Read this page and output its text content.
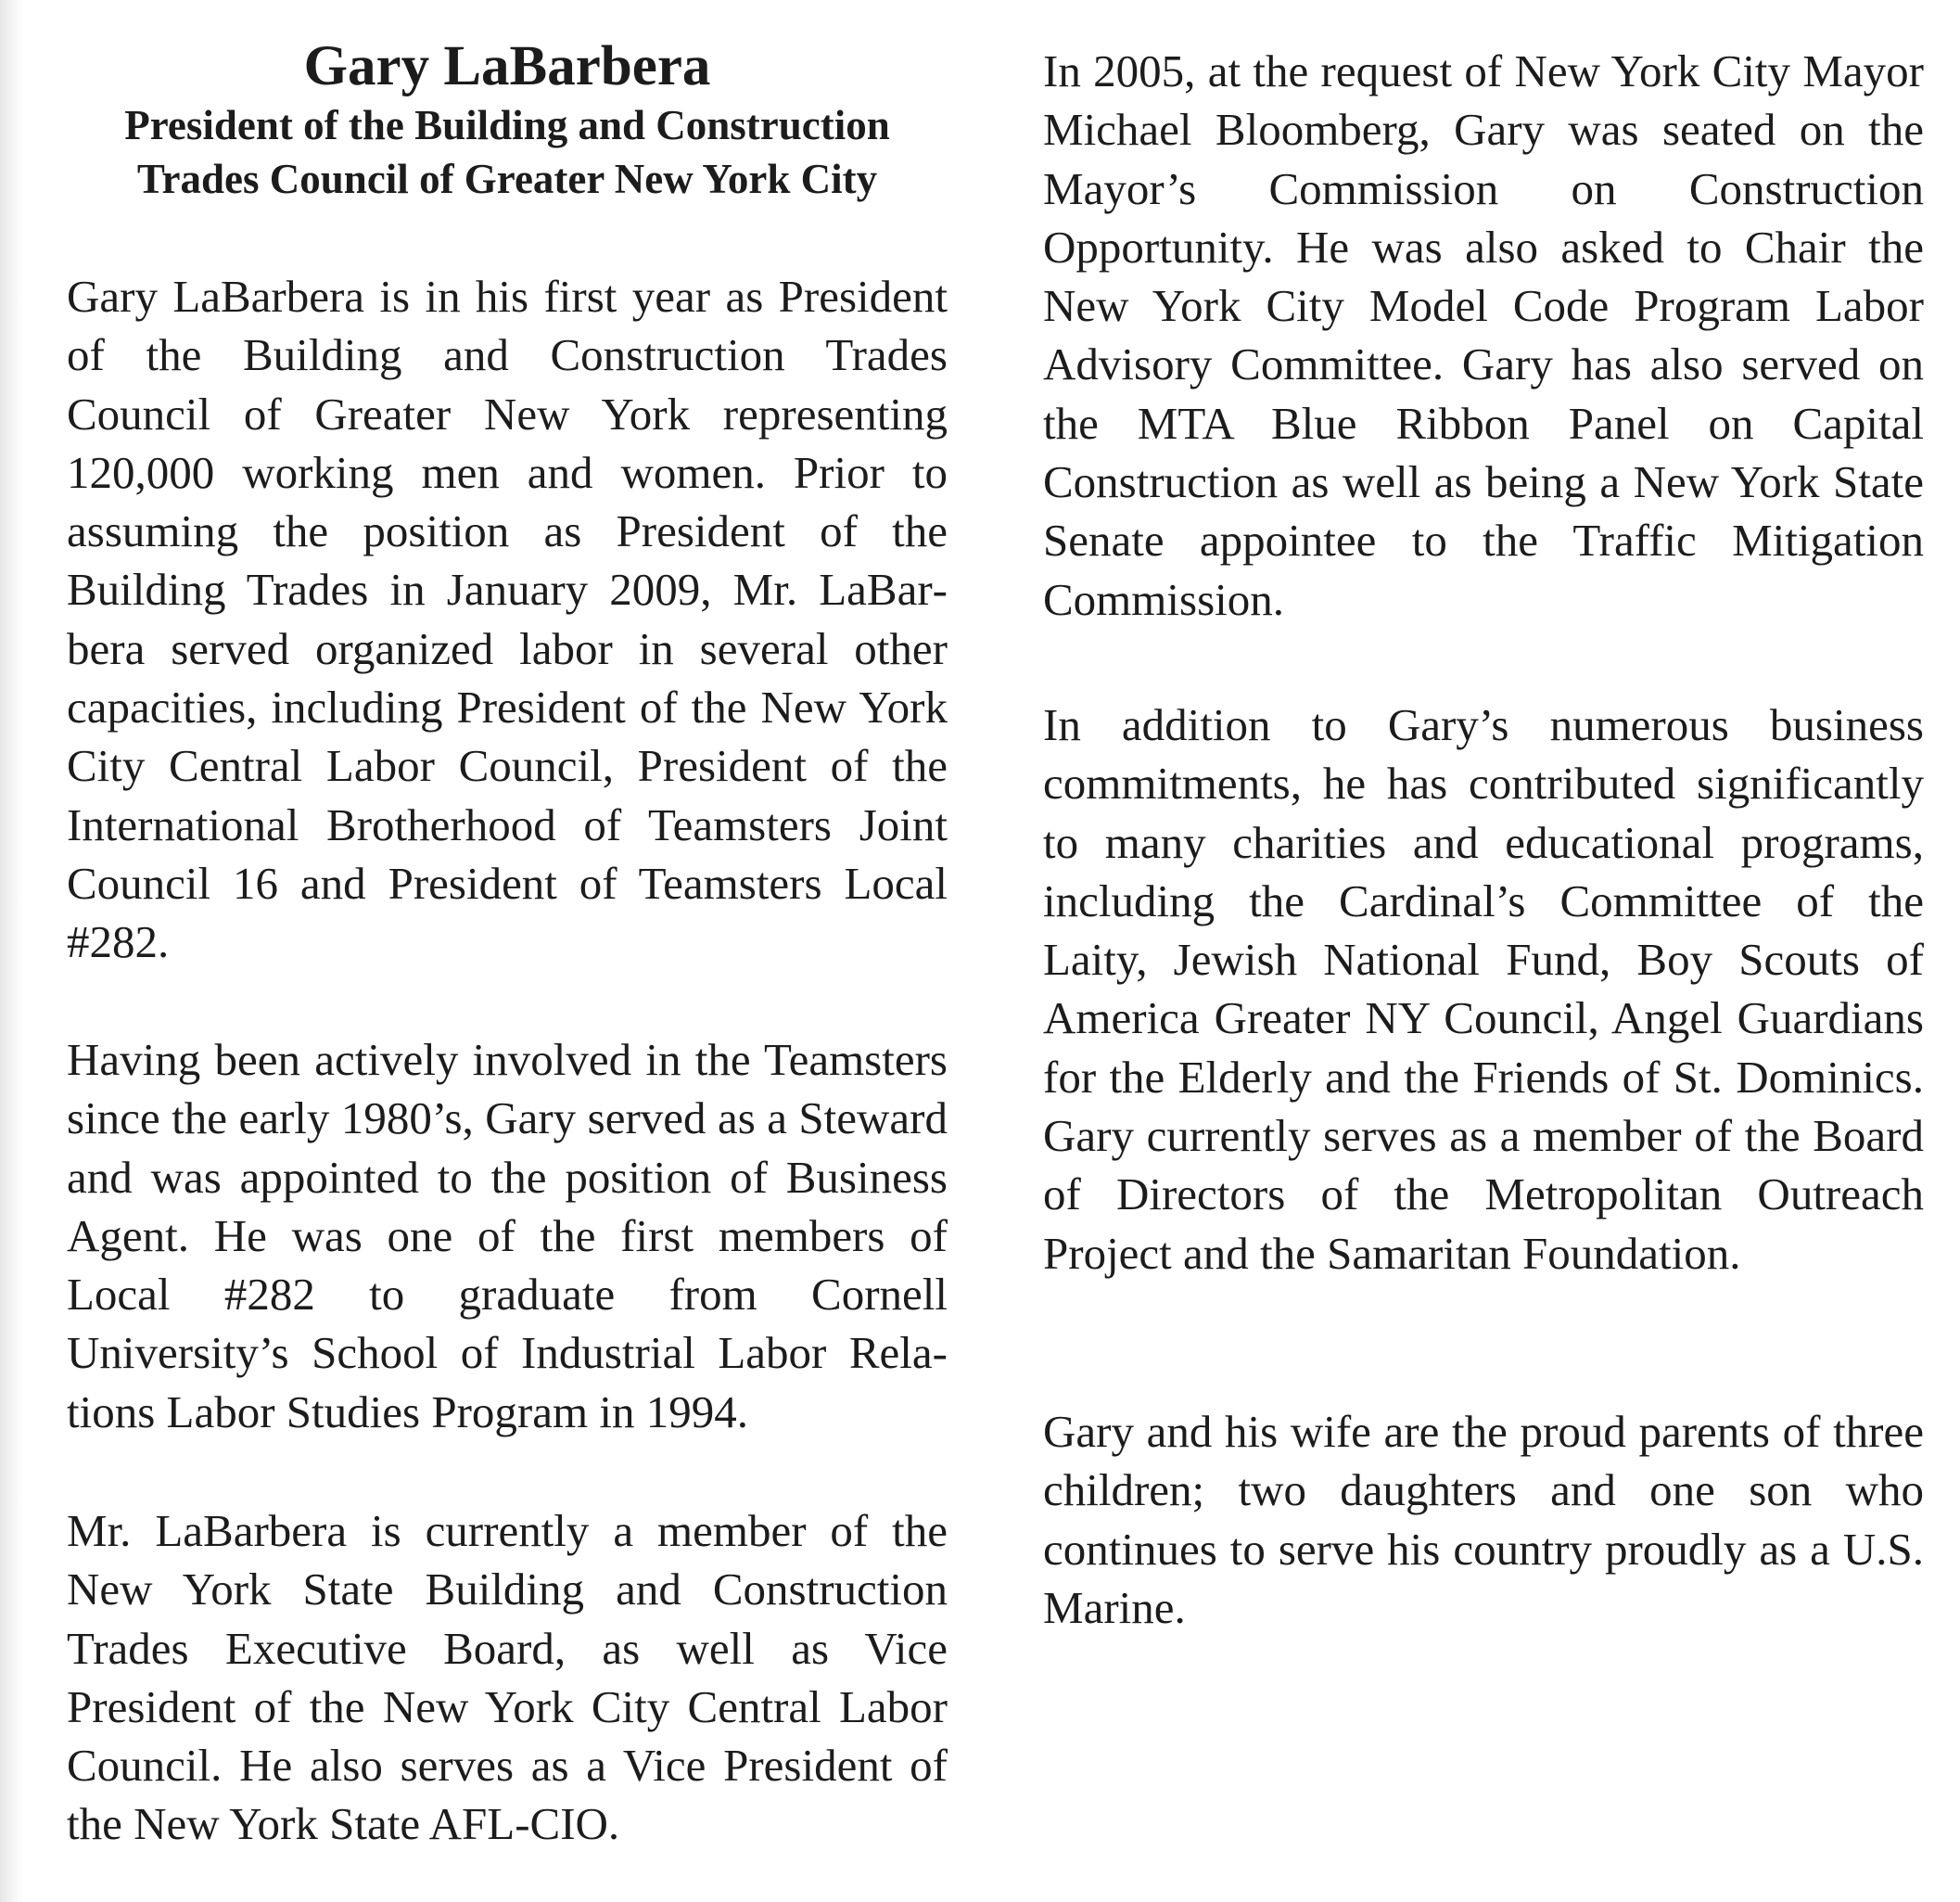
Gary LaBarbera
President of the Building and Construction
Trades Council of Greater New York City

Gary LaBarbera is in his first year as President of the Building and Construction Trades Council of Greater New York representing 120,000 working men and women. Prior to assuming the position as President of the Building Trades in January 2009, Mr. LaBarbera served organized labor in several other capacities, including President of the New York City Central Labor Council, President of the International Brotherhood of Teamsters Joint Council 16 and President of Teamsters Local #282.

Having been actively involved in the Teamsters since the early 1980’s, Gary served as a Steward and was appointed to the position of Business Agent. He was one of the first members of Local #282 to graduate from Cornell University’s School of Industrial Labor Relations Labor Studies Program in 1994.

Mr. LaBarbera is currently a member of the New York State Building and Construction Trades Executive Board, as well as Vice President of the New York City Central Labor Council. He also serves as a Vice President of the New York State AFL-CIO.

In 2005, at the request of New York City Mayor Michael Bloomberg, Gary was seated on the Mayor’s Commission on Construction Opportunity. He was also asked to Chair the New York City Model Code Program Labor Advisory Committee. Gary has also served on the MTA Blue Ribbon Panel on Capital Construction as well as being a New York State Senate appointee to the Traffic Mitigation Commission.

In addition to Gary’s numerous business commitments, he has contributed significantly to many charities and educational programs, including the Cardinal’s Committee of the Laity, Jewish National Fund, Boy Scouts of America Greater NY Council, Angel Guardians for the Elderly and the Friends of St. Dominics. Gary currently serves as a member of the Board of Directors of the Metropolitan Outreach Project and the Samaritan Foundation.

Gary and his wife are the proud parents of three children; two daughters and one son who continues to serve his country proudly as a U.S. Marine.
